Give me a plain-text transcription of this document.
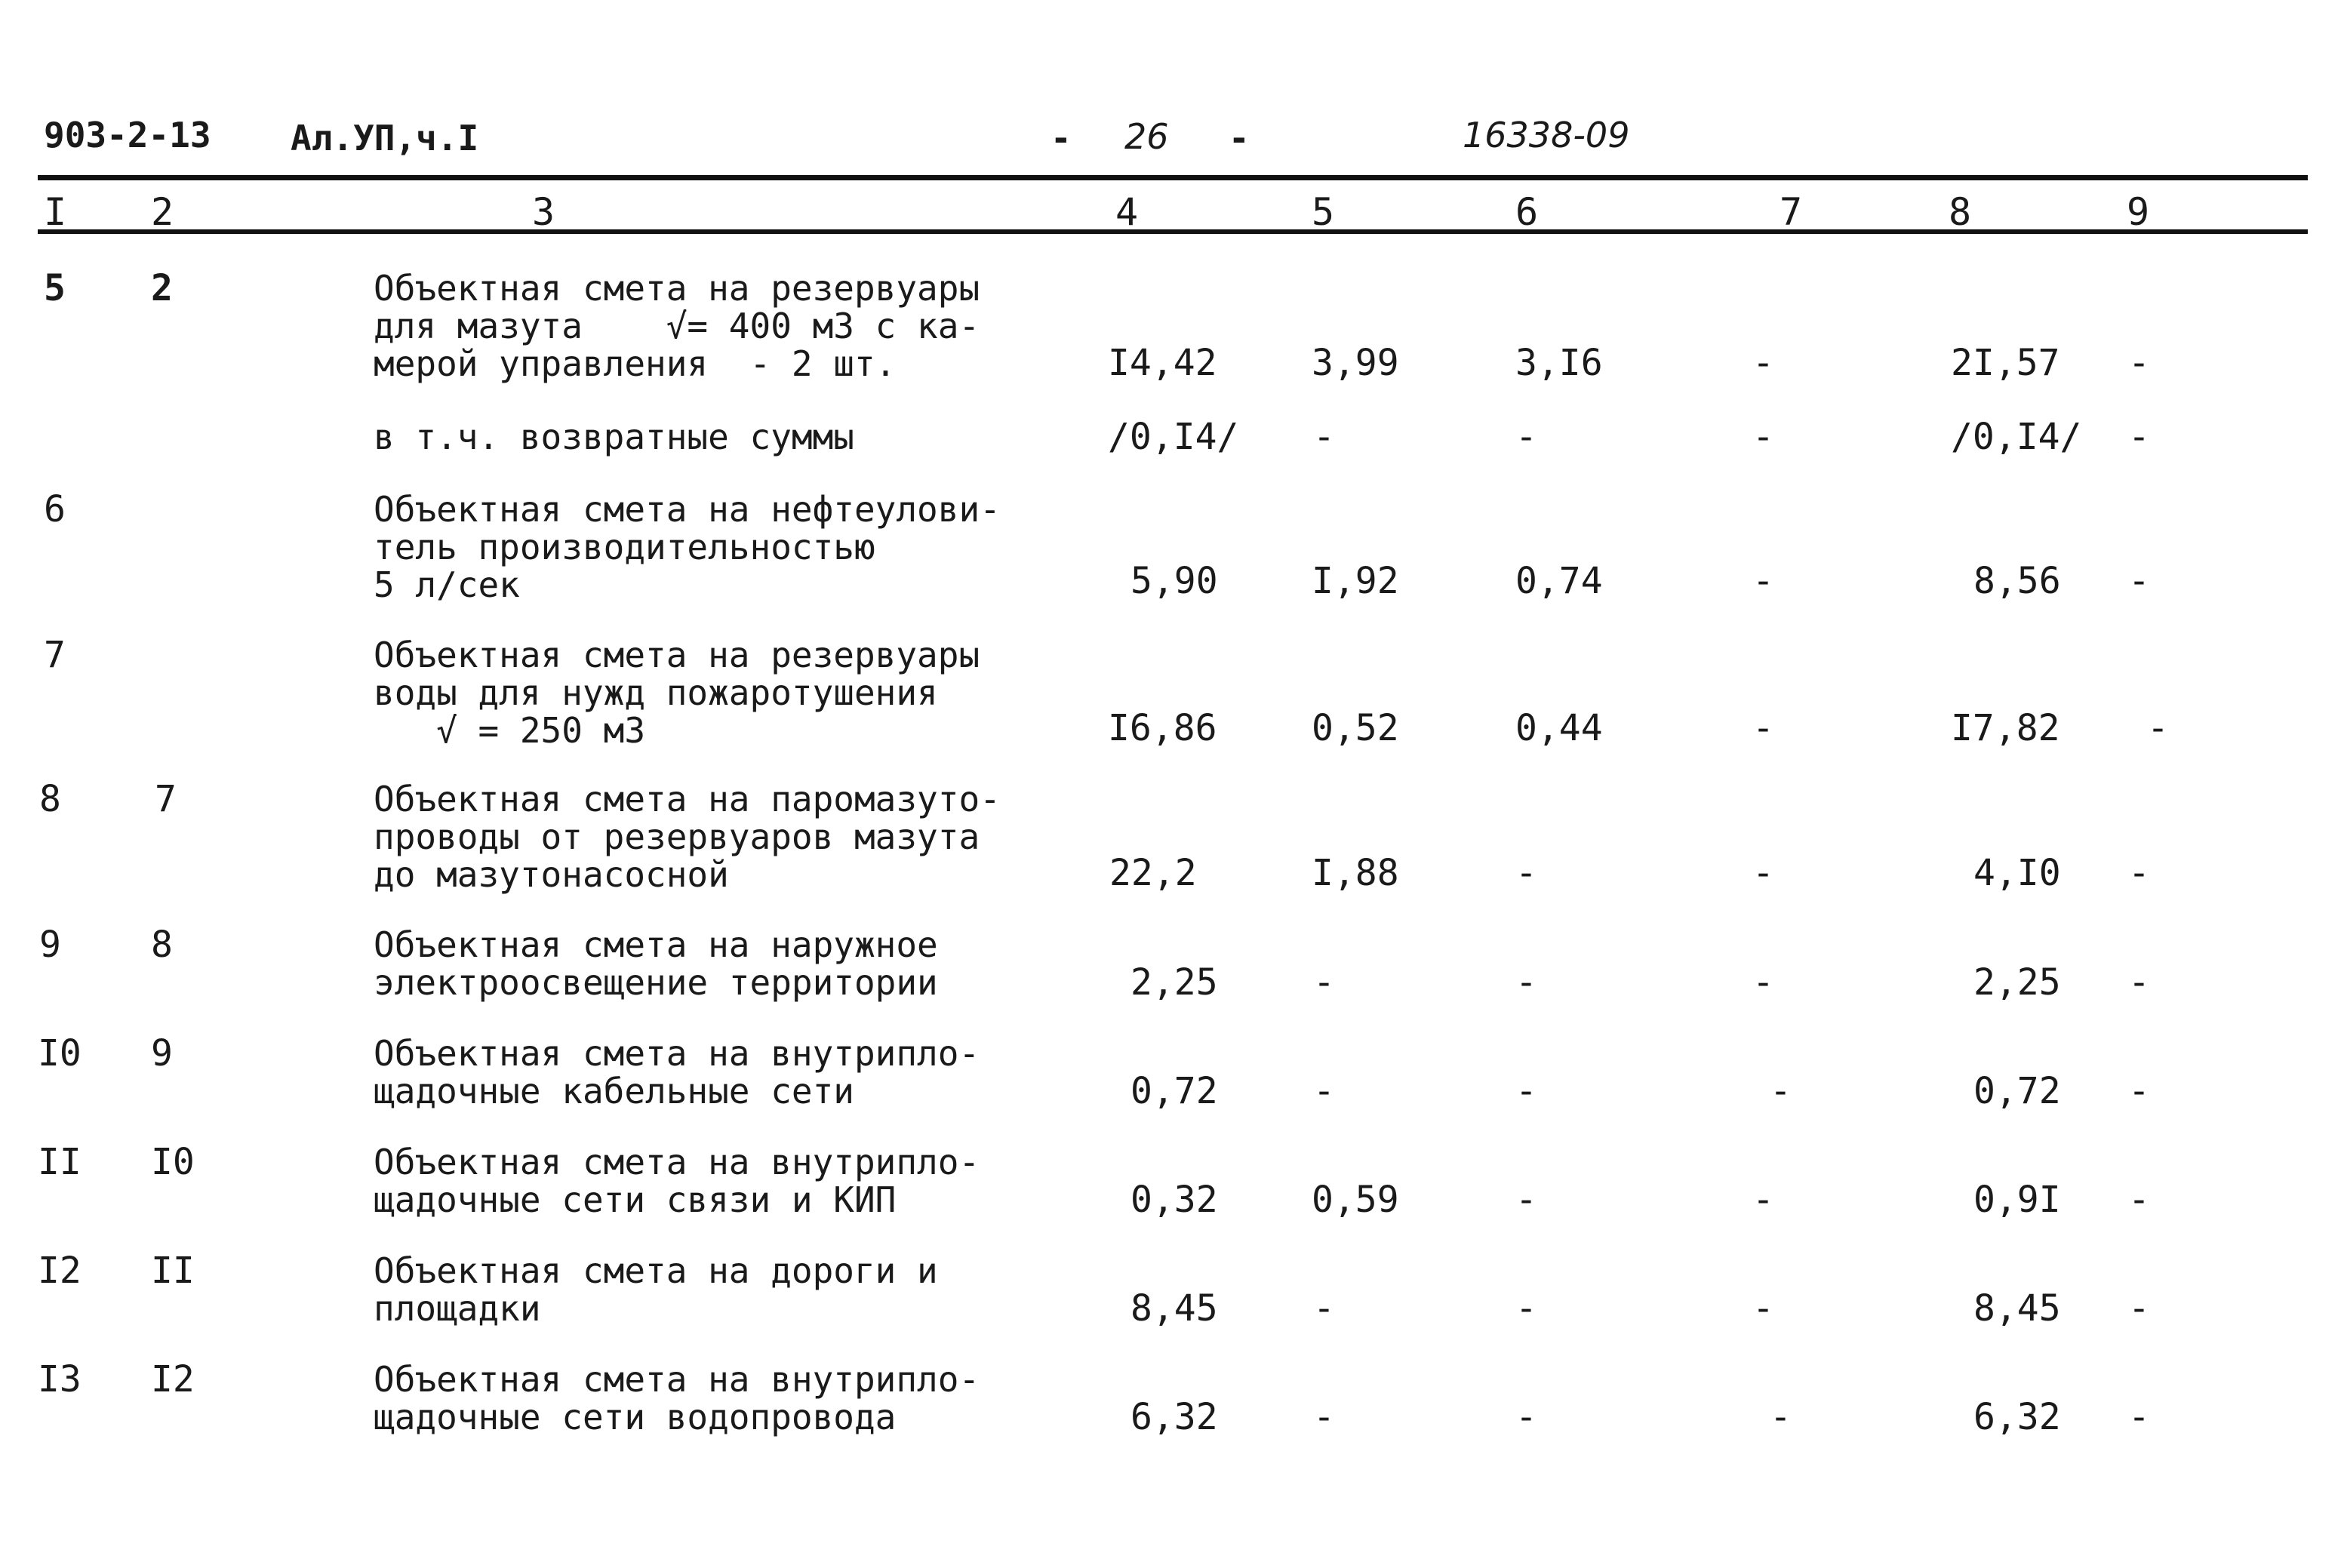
903-2-13 Ал.УП,ч.I	- 26 -	16338-09
I 2	3	4	5	6	7	8	9
5 2	Объектная смета на резервуары
для мазута    √= 400 м3 с ка-
мерой управления  - 2 шт.	I4,42	3,99	3,I6	-	2I,57 -
в т.ч. возвратные суммы	/0,I4/ -	-	-	/0,I4/ -
6	Объектная смета на нефтеулови-
тель производительностью
5 л/сек	5,90	I,92	0,74	-	8,56 -
7	Объектная смета на резервуары
воды для нужд пожаротушения
√ = 250 м3	I6,86	0,52	0,44	-	I7,82 -
8	7	Объектная смета на паромазуто-
проводы от резервуаров мазута
до мазутонасосной	22,2	I,88	-	-	4,I0 -
9 8	Объектная смета на наружное
электроосвещение территории	2,25	-	-	-	2,25 -
I0 9	Объектная смета на внутрипло-
щадочные кабельные сети	0,72	-	-	-	0,72 -
II I0	Объектная смета на внутрипло-
щадочные сети связи и КИП	0,32	0,59	-	-	0,9I -
I2 II	Объектная смета на дороги и
площадки	8,45	-	-	-	8,45 -
I3 I2	Объектная смета на внутрипло-
щадочные сети водопровода	6,32	-	-	-	6,32 -
